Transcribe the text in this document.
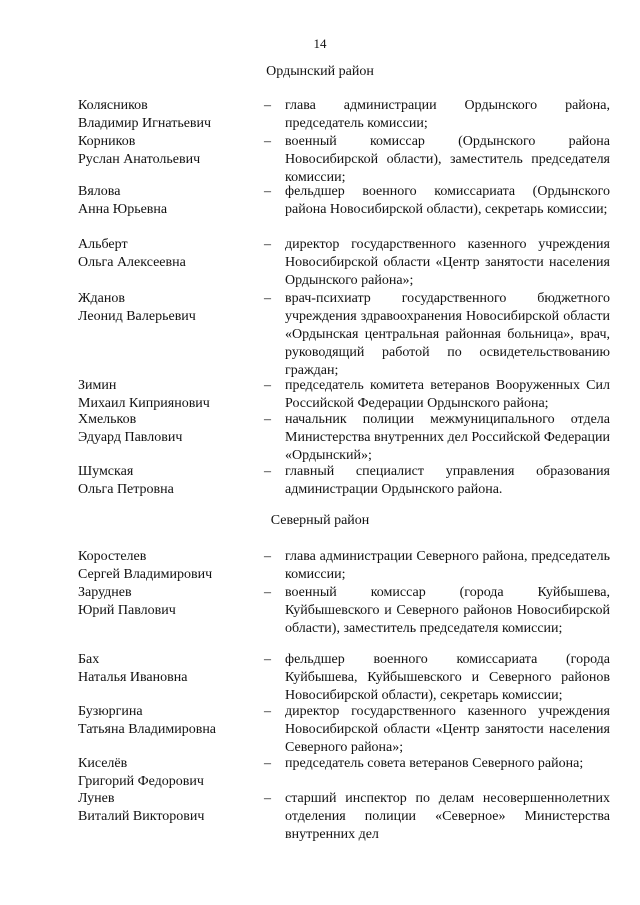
14
Ордынский район
Колясников
Владимир Игнатьевич
– глава администрации Ордынского района, председатель комиссии;
Корников
Руслан Анатольевич
– военный комиссар (Ордынского района Новосибирской области), заместитель председателя комиссии;
Вялова
Анна Юрьевна
– фельдшер военного комиссариата (Ордынского района Новосибирской области), секретарь комиссии;
Альберт
Ольга Алексеевна
– директор государственного казенного учреждения Новосибирской области «Центр занятости населения Ордынского района»;
Жданов
Леонид Валерьевич
– врач-психиатр государственного бюджетного учреждения здравоохранения Новосибирской области «Ордынская центральная районная больница», врач, руководящий работой по освидетельствованию граждан;
Зимин
Михаил Киприянович
– председатель комитета ветеранов Вооруженных Сил Российской Федерации Ордынского района;
Хмельков
Эдуард Павлович
– начальник полиции межмуниципального отдела Министерства внутренних дел Российской Федерации «Ордынский»;
Шумская
Ольга Петровна
– главный специалист управления образования администрации Ордынского района.
Северный район
Коростелев
Сергей Владимирович
– глава администрации Северного района, председатель комиссии;
Заруднев
Юрий Павлович
– военный комиссар (города Куйбышева, Куйбышевского и Северного районов Новосибирской области), заместитель председателя комиссии;
Бах
Наталья Ивановна
– фельдшер военного комиссариата (города Куйбышева, Куйбышевского и Северного районов Новосибирской области), секретарь комиссии;
Бузюргина
Татьяна Владимировна
– директор государственного казенного учреждения Новосибирской области «Центр занятости населения Северного района»;
Киселёв
Григорий Федорович
– председатель совета ветеранов Северного района;
Лунев
Виталий Викторович
– старший инспектор по делам несовершеннолетних отделения полиции «Северное» Министерства внутренних дел
